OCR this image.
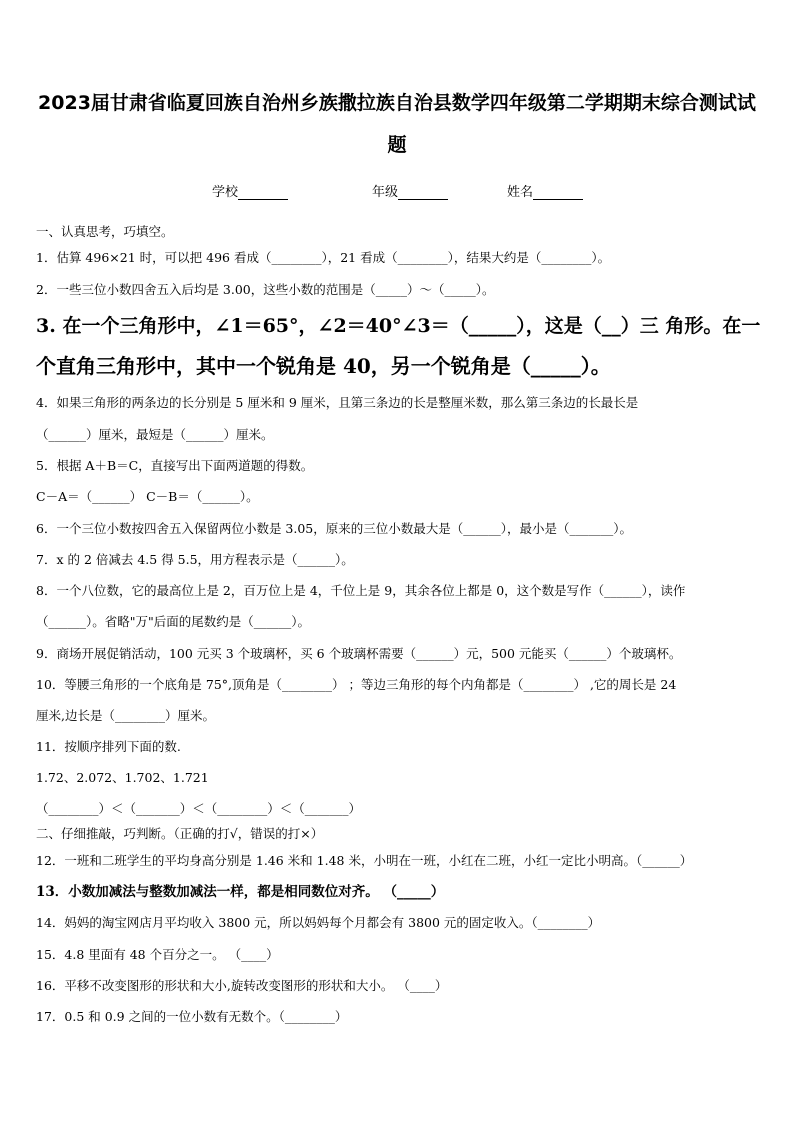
2023届甘肃省临夏回族自治州乡族撒拉族自治县数学四年级第二学期期末综合测试试
题
学校	年级	姓名
一、认真思考，巧填空。
1．估算 496×21 时，可以把 496 看成（________），21 看成（________），结果大约是（________）。
2．一些三位小数四舍五入后均是 3.00，这些小数的范围是（_____）～（_____）。
3. 在一个三角形中，∠1＝65°，∠2＝40°∠3＝（_____），这是（__）三 角形。在一
个直角三角形中，其中一个锐角是 40，另一个锐角是（_____）。
4．如果三角形的两条边的长分别是 5 厘米和 9 厘米，且第三条边的长是整厘米数，那么第三条边的长最长是
（______）厘米，最短是（______）厘米。
5．根据 A＋B＝C，直接写出下面两道题的得数。
C－A＝（______） C－B＝（______）。
6．一个三位小数按四舍五入保留两位小数是 3.05，原来的三位小数最大是（______），最小是（_______）。
7．x 的 2 倍减去 4.5 得 5.5，用方程表示是（______）。
8．一个八位数，它的最高位上是 2，百万位上是 4，千位上是 9，其余各位上都是 0，这个数是写作（______），读作
（______）。省略"万"后面的尾数约是（______）。
9．商场开展促销活动，100 元买 3 个玻璃杯，买 6 个玻璃杯需要（______）元，500 元能买（______）个玻璃杯。
10．等腰三角形的一个底角是 75°,顶角是（________） ；等边三角形的每个内角都是（________） ,它的周长是 24
厘米,边长是（________）厘米。
11．按顺序排列下面的数.
1.72、2.072、1.702、1.721
（________）＜（_______）＜（________）＜（_______）
二、仔细推敲，巧判断。（正确的打√，错误的打×）
12．一班和二班学生的平均身高分别是 1.46 米和 1.48 米，小明在一班，小红在二班，小红一定比小明高。（______）
13．小数加减法与整数加减法一样，都是相同数位对齐。 （_____）
14．妈妈的淘宝网店月平均收入 3800 元，所以妈妈每个月都会有 3800 元的固定收入。（________）
15．4.8 里面有 48 个百分之一。 （____）
16．平移不改变图形的形状和大小,旋转改变图形的形状和大小。 （____）
17．0.5 和 0.9 之间的一位小数有无数个。（________）
